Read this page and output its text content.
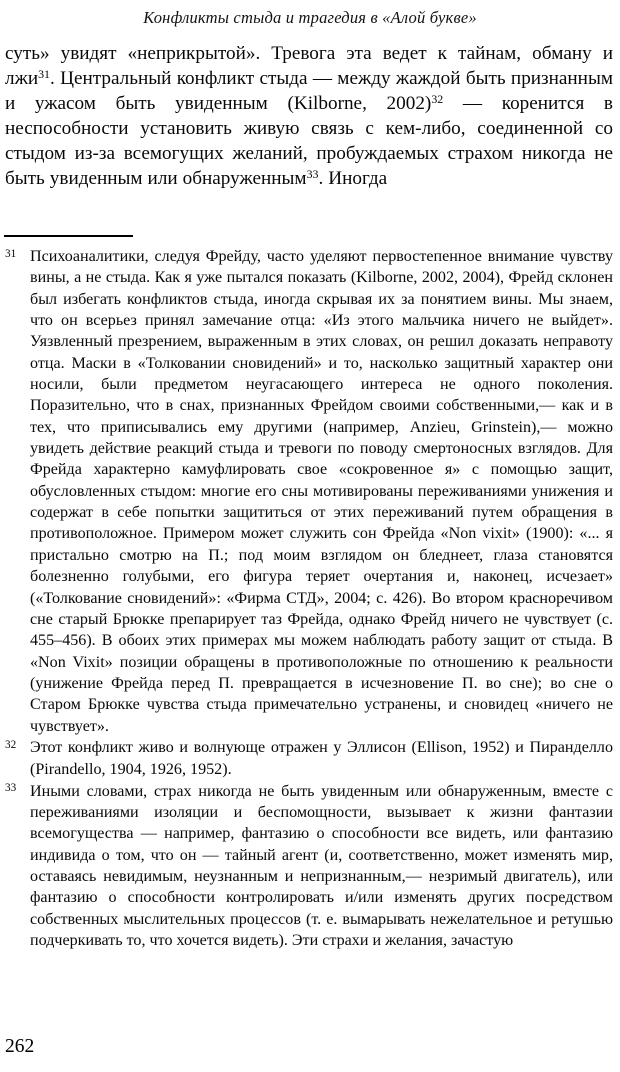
Конфликты стыда и трагедия в «Алой букве»

суть» увидят «неприкрытой». Тревога эта ведет к тайнам, обману и лжи$^{31}$. Центральный конфликт стыда — между жаждой быть признанным и ужасом быть увиденным (Kilborne, 2002)$^{32}$ — коренится в неспособности установить живую связь с кем-либо, соединенной со стыдом из-за всемогущих желаний, пробуждаемых страхом никогда не быть увиденным или обнаруженным$^{33}$. Иногда

31 Психоаналитики, следуя Фрейду, часто уделяют первостепенное внимание чувству вины, а не стыда. Как я уже пытался показать (Kilborne, 2002, 2004), Фрейд склонен был избегать конфликтов стыда, иногда скрывая их за понятием вины. Мы знаем, что он всерьез принял замечание отца: «Из этого мальчика ничего не выйдет». Уязвленный презрением, выраженным в этих словах, он решил доказать неправоту отца. Маски в «Толковании сновидений» и то, насколько защитный характер они носили, были предметом неугасающего интереса не одного поколения. Поразительно, что в снах, признанных Фрейдом своими собственными,— как и в тех, что приписывались ему другими (например, Anzieu, Grinstein),— можно увидеть действие реакций стыда и тревоги по поводу смертоносных взглядов. Для Фрейда характерно камуфлировать свое «сокровенное я» с помощью защит, обусловленных стыдом: многие его сны мотивированы переживаниями унижения и содержат в себе попытки защититься от этих переживаний путем обращения в противоположное. Примером может служить сон Фрейда «Non vixit» (1900): «... я пристально смотрю на П.; под моим взглядом он бледнеет, глаза становятся болезненно голубыми, его фигура теряет очертания и, наконец, исчезает» («Толкование сновидений»: «Фирма СТД», 2004; с. 426). Во втором красноречивом сне старый Брюкке препарирует таз Фрейда, однако Фрейд ничего не чувствует (с. 455–456). В обоих этих примерах мы можем наблюдать работу защит от стыда. В «Non Vixit» позиции обращены в противоположные по отношению к реальности (унижение Фрейда перед П. превращается в исчезновение П. во сне); во сне о Старом Брюкке чувства стыда примечательно устранены, и сновидец «ничего не чувствует».
32 Этот конфликт живо и волнующе отражен у Эллисон (Ellison, 1952) и Пиранделло (Pirandello, 1904, 1926, 1952).
33 Иными словами, страх никогда не быть увиденным или обнаруженным, вместе с переживаниями изоляции и беспомощности, вызывает к жизни фантазии всемогущества — например, фантазию о способности все видеть, или фантазию индивида о том, что он — тайный агент (и, соответственно, может изменять мир, оставаясь невидимым, неузнанным и непризнанным,— незримый двигатель), или фантазию о способности контролировать и/или изменять других посредством собственных мыслительных процессов (т. е. вымарывать нежелательное и ретушью подчеркивать то, что хочется видеть). Эти страхи и желания, зачастую
262
